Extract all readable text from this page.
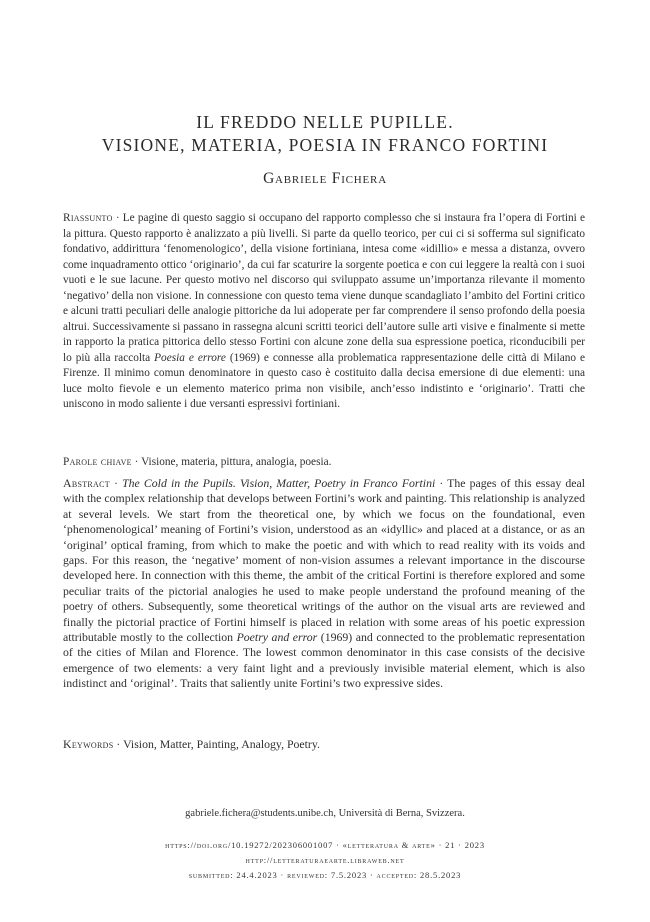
IL FREDDO NELLE PUPILLE.
VISIONE, MATERIA, POESIA IN FRANCO FORTINI
Gabriele Fichera
Riassunto · Le pagine di questo saggio si occupano del rapporto complesso che si instaura fra l’opera di Fortini e la pittura. Questo rapporto è analizzato a più livelli. Si parte da quello teorico, per cui ci si sofferma sul significato fondativo, addirittura ‘fenomenologico’, della visione fortiniana, intesa come «idillio» e messa a distanza, ovvero come inquadramento ottico ‘originario’, da cui far scaturire la sorgente poetica e con cui leggere la realtà con i suoi vuoti e le sue lacune. Per questo motivo nel discorso qui sviluppato assume un’importanza rilevante il momento ‘negativo’ della non visione. In connessione con questo tema viene dunque scandagliato l’ambito del Fortini critico e alcuni tratti peculiari delle analogie pittoriche da lui adoperate per far comprendere il senso profondo della poesia altrui. Successivamente si passano in rassegna alcuni scritti teorici dell’autore sulle arti visive e finalmente si mette in rapporto la pratica pittorica dello stesso Fortini con alcune zone della sua espressione poetica, riconducibili per lo più alla raccolta Poesia e errore (1969) e connesse alla problematica rappresentazione delle città di Milano e Firenze. Il minimo comun denominatore in questo caso è costituito dalla decisa emersione di due elementi: una luce molto fievole e un elemento materico prima non visibile, anch’esso indistinto e ‘originario’. Tratti che uniscono in modo saliente i due versanti espressivi fortiniani.
Parole chiave · Visione, materia, pittura, analogia, poesia.
Abstract · The Cold in the Pupils. Vision, Matter, Poetry in Franco Fortini · The pages of this essay deal with the complex relationship that develops between Fortini’s work and painting. This relationship is analyzed at several levels. We start from the theoretical one, by which we focus on the foundational, even ‘phenomenological’ meaning of Fortini’s vision, understood as an «idyllic» and placed at a distance, or as an ‘original’ optical framing, from which to make the poetic and with which to read reality with its voids and gaps. For this reason, the ‘negative’ moment of non-vision assumes a relevant importance in the discourse developed here. In connection with this theme, the ambit of the critical Fortini is therefore explored and some peculiar traits of the pictorial analogies he used to make people understand the profound meaning of the poetry of others. Subsequently, some theoretical writings of the author on the visual arts are reviewed and finally the pictorial practice of Fortini himself is placed in relation with some areas of his poetic expression attributable mostly to the collection Poetry and error (1969) and connected to the problematic representation of the cities of Milan and Florence. The lowest common denominator in this case consists of the decisive emergence of two elements: a very faint light and a previously invisible material element, which is also indistinct and ‘original’. Traits that saliently unite Fortini’s two expressive sides.
Keywords · Vision, Matter, Painting, Analogy, Poetry.
gabriele.fichera@students.unibe.ch, Università di Berna, Svizzera.
https://doi.org/10.19272/202306001007 · «letteratura & arte» · 21 · 2023
http://letteraturaearte.libraweb.net
submitted: 24.4.2023 · reviewed: 7.5.2023 · accepted: 28.5.2023
